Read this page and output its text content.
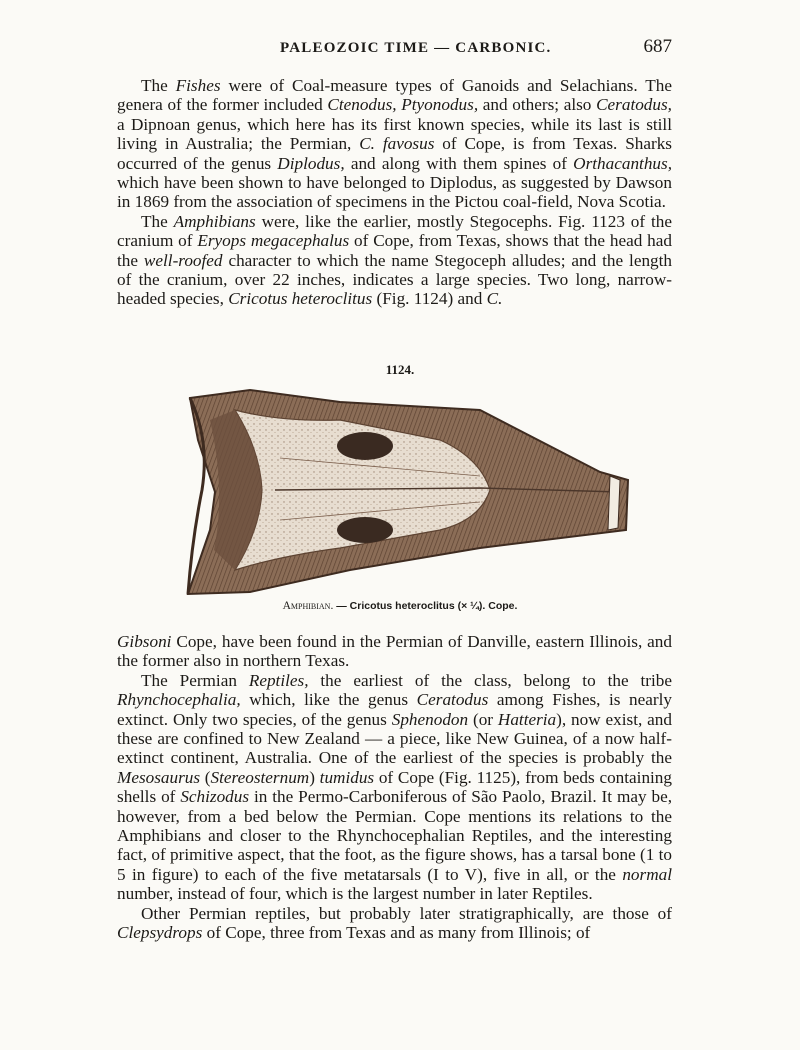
PALEOZOIC TIME — CARBONIC.	687

The Fishes were of Coal-measure types of Ganoids and Selachians. The genera of the former included Ctenodus, Ptyonodus, and others; also Ceratodus, a Dipnoan genus, which here has its first known species, while its last is still living in Australia; the Permian, C. favosus of Cope, is from Texas. Sharks occurred of the genus Diplodus, and along with them spines of Orthacanthus, which have been shown to have belonged to Diplodus, as suggested by Dawson in 1869 from the association of specimens in the Pictou coal-field, Nova Scotia.

The Amphibians were, like the earlier, mostly Stegocephs. Fig. 1123 of the cranium of Eryops megacephalus of Cope, from Texas, shows that the head had the well-roofed character to which the name Stegoceph alludes; and the length of the cranium, over 22 inches, indicates a large species. Two long, narrow-headed species, Cricotus heteroclitus (Fig. 1124) and C.

1124.
Amphibian. — Cricotus heteroclitus (× ¼). Cope.

Gibsoni Cope, have been found in the Permian of Danville, eastern Illinois, and the former also in northern Texas.

The Permian Reptiles, the earliest of the class, belong to the tribe Rhynchocephalia, which, like the genus Ceratodus among Fishes, is nearly extinct. Only two species, of the genus Sphenodon (or Hatteria), now exist, and these are confined to New Zealand — a piece, like New Guinea, of a now half-extinct continent, Australia. One of the earliest of the species is probably the Mesosaurus (Stereosternum) tumidus of Cope (Fig. 1125), from beds containing shells of Schizodus in the Permo-Carboniferous of São Paolo, Brazil. It may be, however, from a bed below the Permian. Cope mentions its relations to the Amphibians and closer to the Rhynchocephalian Reptiles, and the interesting fact, of primitive aspect, that the foot, as the figure shows, has a tarsal bone (1 to 5 in figure) to each of the five metatarsals (I to V), five in all, or the normal number, instead of four, which is the largest number in later Reptiles.

Other Permian reptiles, but probably later stratigraphically, are those of Clepsydrops of Cope, three from Texas and as many from Illinois; of
